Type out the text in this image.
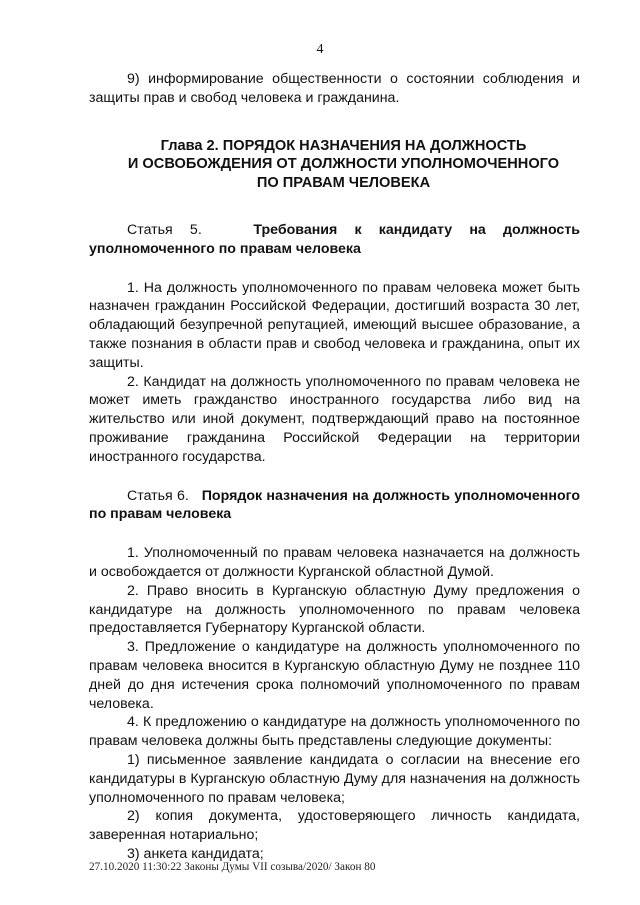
4

9) информирование общественности о состоянии соблюдения и защиты прав и свобод человека и гражданина.

Глава 2. ПОРЯДОК НАЗНАЧЕНИЯ НА ДОЛЖНОСТЬ
И ОСВОБОЖДЕНИЯ ОТ ДОЛЖНОСТИ УПОЛНОМОЧЕННОГО
ПО ПРАВАМ ЧЕЛОВЕКА

Статья 5.	Требования к кандидату на должность уполномоченного по правам человека

1. На должность уполномоченного по правам человека может быть назначен гражданин Российской Федерации, достигший возраста 30 лет, обладающий безупречной репутацией, имеющий высшее образование, а также познания в области прав и свобод человека и гражданина, опыт их защиты.

2. Кандидат на должность уполномоченного по правам человека не может иметь гражданство иностранного государства либо вид на жительство или иной документ, подтверждающий право на постоянное проживание гражданина Российской Федерации на территории иностранного государства.

Статья 6. Порядок назначения на должность уполномоченного по правам человека

1. Уполномоченный по правам человека назначается на должность и освобождается от должности Курганской областной Думой.

2. Право вносить в Курганскую областную Думу предложения о кандидатуре на должность уполномоченного по правам человека предоставляется Губернатору Курганской области.

3. Предложение о кандидатуре на должность уполномоченного по правам человека вносится в Курганскую областную Думу не позднее 110 дней до дня истечения срока полномочий уполномоченного по правам человека.

4. К предложению о кандидатуре на должность уполномоченного по правам человека должны быть представлены следующие документы:

1) письменное заявление кандидата о согласии на внесение его кандидатуры в Курганскую областную Думу для назначения на должность уполномоченного по правам человека;

2) копия документа, удостоверяющего личность кандидата, заверенная нотариально;

3) анкета кандидата;

27.10.2020 11:30:22 Законы Думы VII созыва/2020/ Закон 80
